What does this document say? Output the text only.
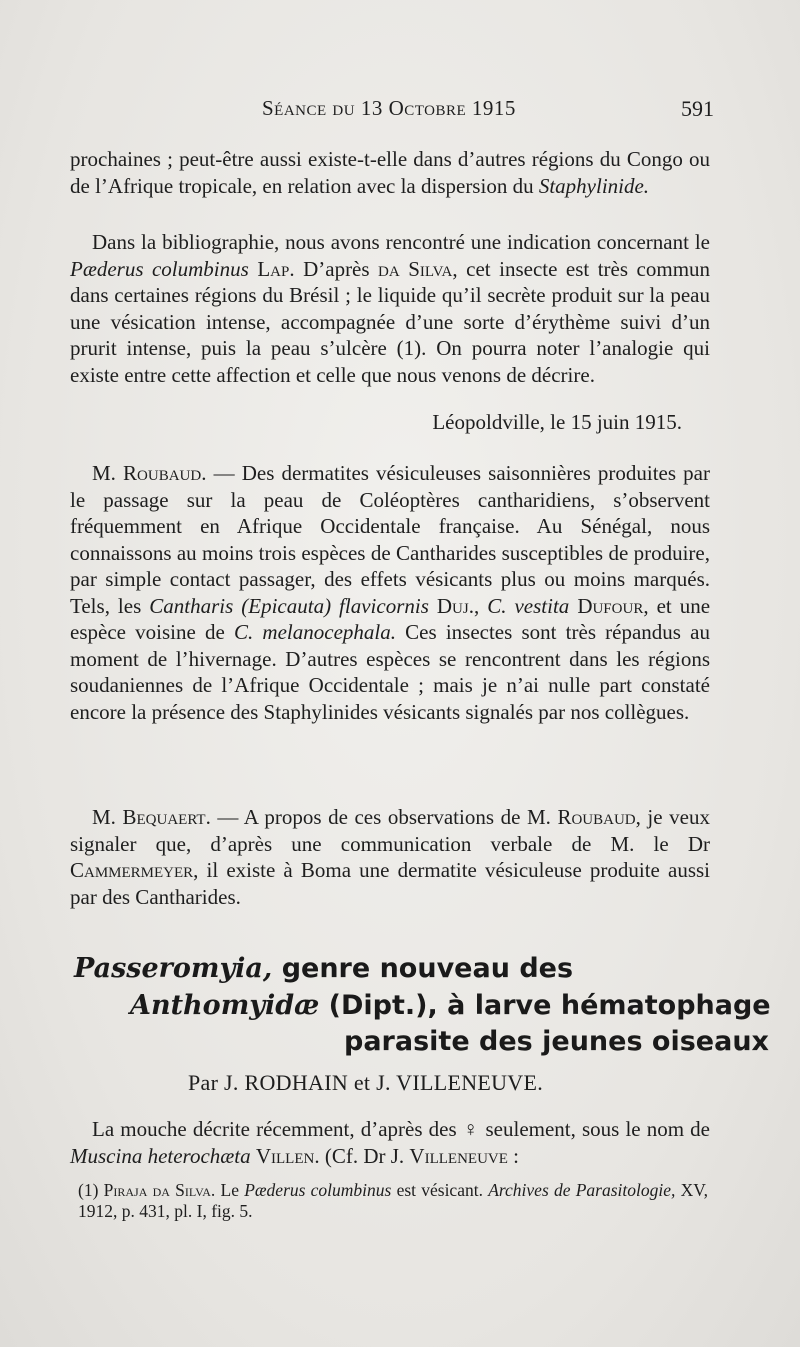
Séance du 13 Octobre 1915	591
prochaines ; peut-être aussi existe-t-elle dans d’autres régions du Congo ou de l’Afrique tropicale, en relation avec la dispersion du Staphylinide.
Dans la bibliographie, nous avons rencontré une indication concernant le Pæderus columbinus Lap. D’après da Silva, cet insecte est très commun dans certaines régions du Brésil ; le liquide qu’il secrète produit sur la peau une vésication intense, accompagnée d’une sorte d’érythème suivi d’un prurit intense, puis la peau s’ulcère (1). On pourra noter l’analogie qui existe entre cette affection et celle que nous venons de décrire.
Léopoldville, le 15 juin 1915.
M. Roubaud. — Des dermatites vésiculeuses saisonnières produites par le passage sur la peau de Coléoptères cantharidiens, s’observent fréquemment en Afrique Occidentale française. Au Sénégal, nous connaissons au moins trois espèces de Cantharides susceptibles de produire, par simple contact passager, des effets vésicants plus ou moins marqués. Tels, les Cantharis (Epicauta) flavicornis Duj., C. vestita Dufour, et une espèce voisine de C. melanocephala. Ces insectes sont très répandus au moment de l’hivernage. D’autres espèces se rencontrent dans les régions soudaniennes de l’Afrique Occidentale ; mais je n’ai nulle part constaté encore la présence des Staphylinides vésicants signalés par nos collègues.
M. Bequaert. — A propos de ces observations de M. Roubaud, je veux signaler que, d’après une communication verbale de M. le Dr Cammermeyer, il existe à Boma une dermatite vésiculeuse produite aussi par des Cantharides.
Passeromyia, genre nouveau des
Anthomyidæ (Dipt.), à larve hématophage
parasite des jeunes oiseaux
Par J. RODHAIN et J. VILLENEUVE.
La mouche décrite récemment, d’après des ♀ seulement, sous le nom de Muscina heterochæta Villen. (Cf. Dr J. Villeneuve :
(1) Piraja da Silva. Le Pæderus columbinus est vésicant. Archives de Parasitologie, XV, 1912, p. 431, pl. I, fig. 5.
